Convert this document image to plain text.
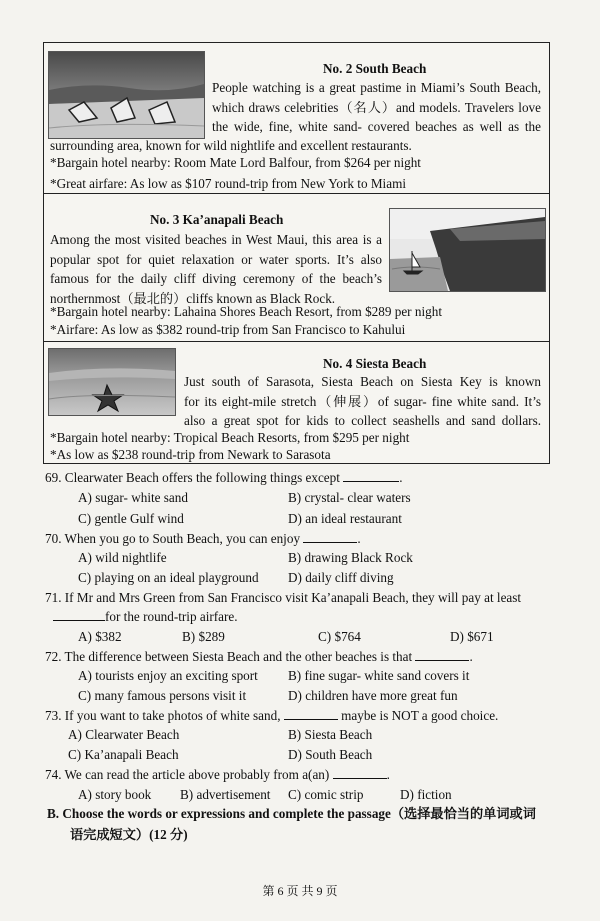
No. 2 South Beach
People watching is a great pastime in Miami’s South Beach,
which draws celebrities（名人）and models. Travelers love
the wide, fine, white sand- covered beaches as well as the
surrounding area, known for wild nightlife and excellent restaurants.
*Bargain hotel nearby: Room Mate Lord Balfour, from $264 per night
*Great airfare: As low as $107 round-trip from New York to Miami
No. 3 Ka’anapali Beach
Among the most visited beaches in West Maui, this area is a
popular spot for quiet relaxation or water sports. It’s also
famous for the daily cliff diving ceremony of the beach’s
northernmost（最北的）cliffs known as Black Rock.
*Bargain hotel nearby: Lahaina Shores Beach Resort, from $289 per night
*Airfare: As low as $382 round-trip from San Francisco to Kahului
No. 4 Siesta Beach
Just south of Sarasota, Siesta Beach on Siesta Key is known
for its eight-mile stretch（伸展）of sugar- fine white sand. It’s
also a great spot for kids to collect seashells and sand dollars.
*Bargain hotel nearby: Tropical Beach Resorts, from $295 per night
*As low as $238 round-trip from Newark to Sarasota
69. Clearwater Beach offers the following things except	.
A) sugar- white sand	B) crystal- clear waters
C) gentle Gulf wind	D) an ideal restaurant
70. When you go to South Beach, you can enjoy	.
A) wild nightlife	B) drawing Black Rock
C) playing on an ideal playground D) daily cliff diving
71. If Mr and Mrs Green from San Francisco visit Ka’anapali Beach, they will pay at least
for the round-trip airfare.
A) $382	B) $289	C) $764	D) $671
72. The difference between Siesta Beach and the other beaches is that	.
A) tourists enjoy an exciting sport B) fine sugar- white sand covers it
C) many famous persons visit it	D) children have more great fun
73. If you want to take photos of white sand,	maybe is NOT a good choice.
A) Clearwater Beach	B) Siesta Beach
C) Ka’anapali Beach	D) South Beach
74. We can read the article above probably from a(an)	.
A) story book B) advertisement C) comic strip	D) fiction
B. Choose the words or expressions and complete the passage（选择最恰当的单词或词
语完成短文）(12 分)
第 6 页 共 9 页
